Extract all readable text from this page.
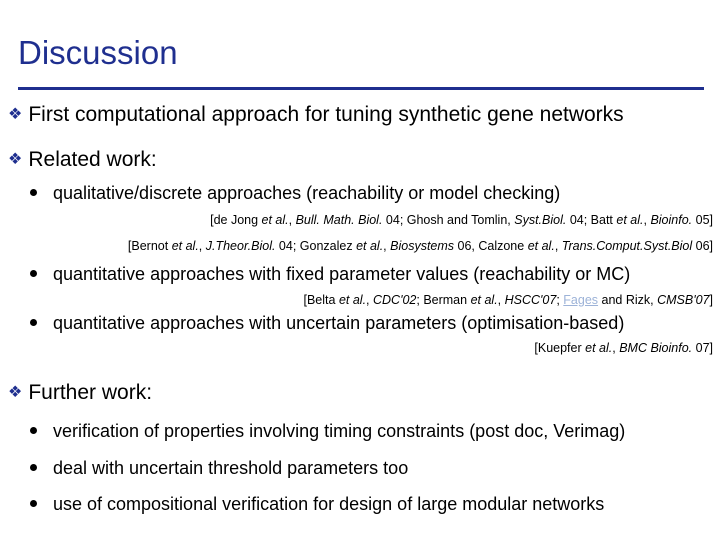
Discussion
❖ First computational approach for tuning synthetic gene networks
❖ Related work:
qualitative/discrete approaches (reachability or model checking)
[de Jong et al., Bull. Math. Biol. 04; Ghosh and Tomlin, Syst.Biol. 04; Batt et al., Bioinfo. 05]
[Bernot et al., J.Theor.Biol. 04; Gonzalez et al., Biosystems 06, Calzone et al., Trans.Comput.Syst.Biol 06]
quantitative approaches with fixed parameter values (reachability or MC)
[Belta et al., CDC'02; Berman et al., HSCC'07; Fages and Rizk, CMSB'07]
quantitative approaches with uncertain parameters (optimisation-based)
[Kuepfer et al., BMC Bioinfo. 07]
❖ Further work:
verification of properties involving timing constraints (post doc, Verimag)
deal with uncertain threshold parameters too
use of compositional verification for design of large modular networks
